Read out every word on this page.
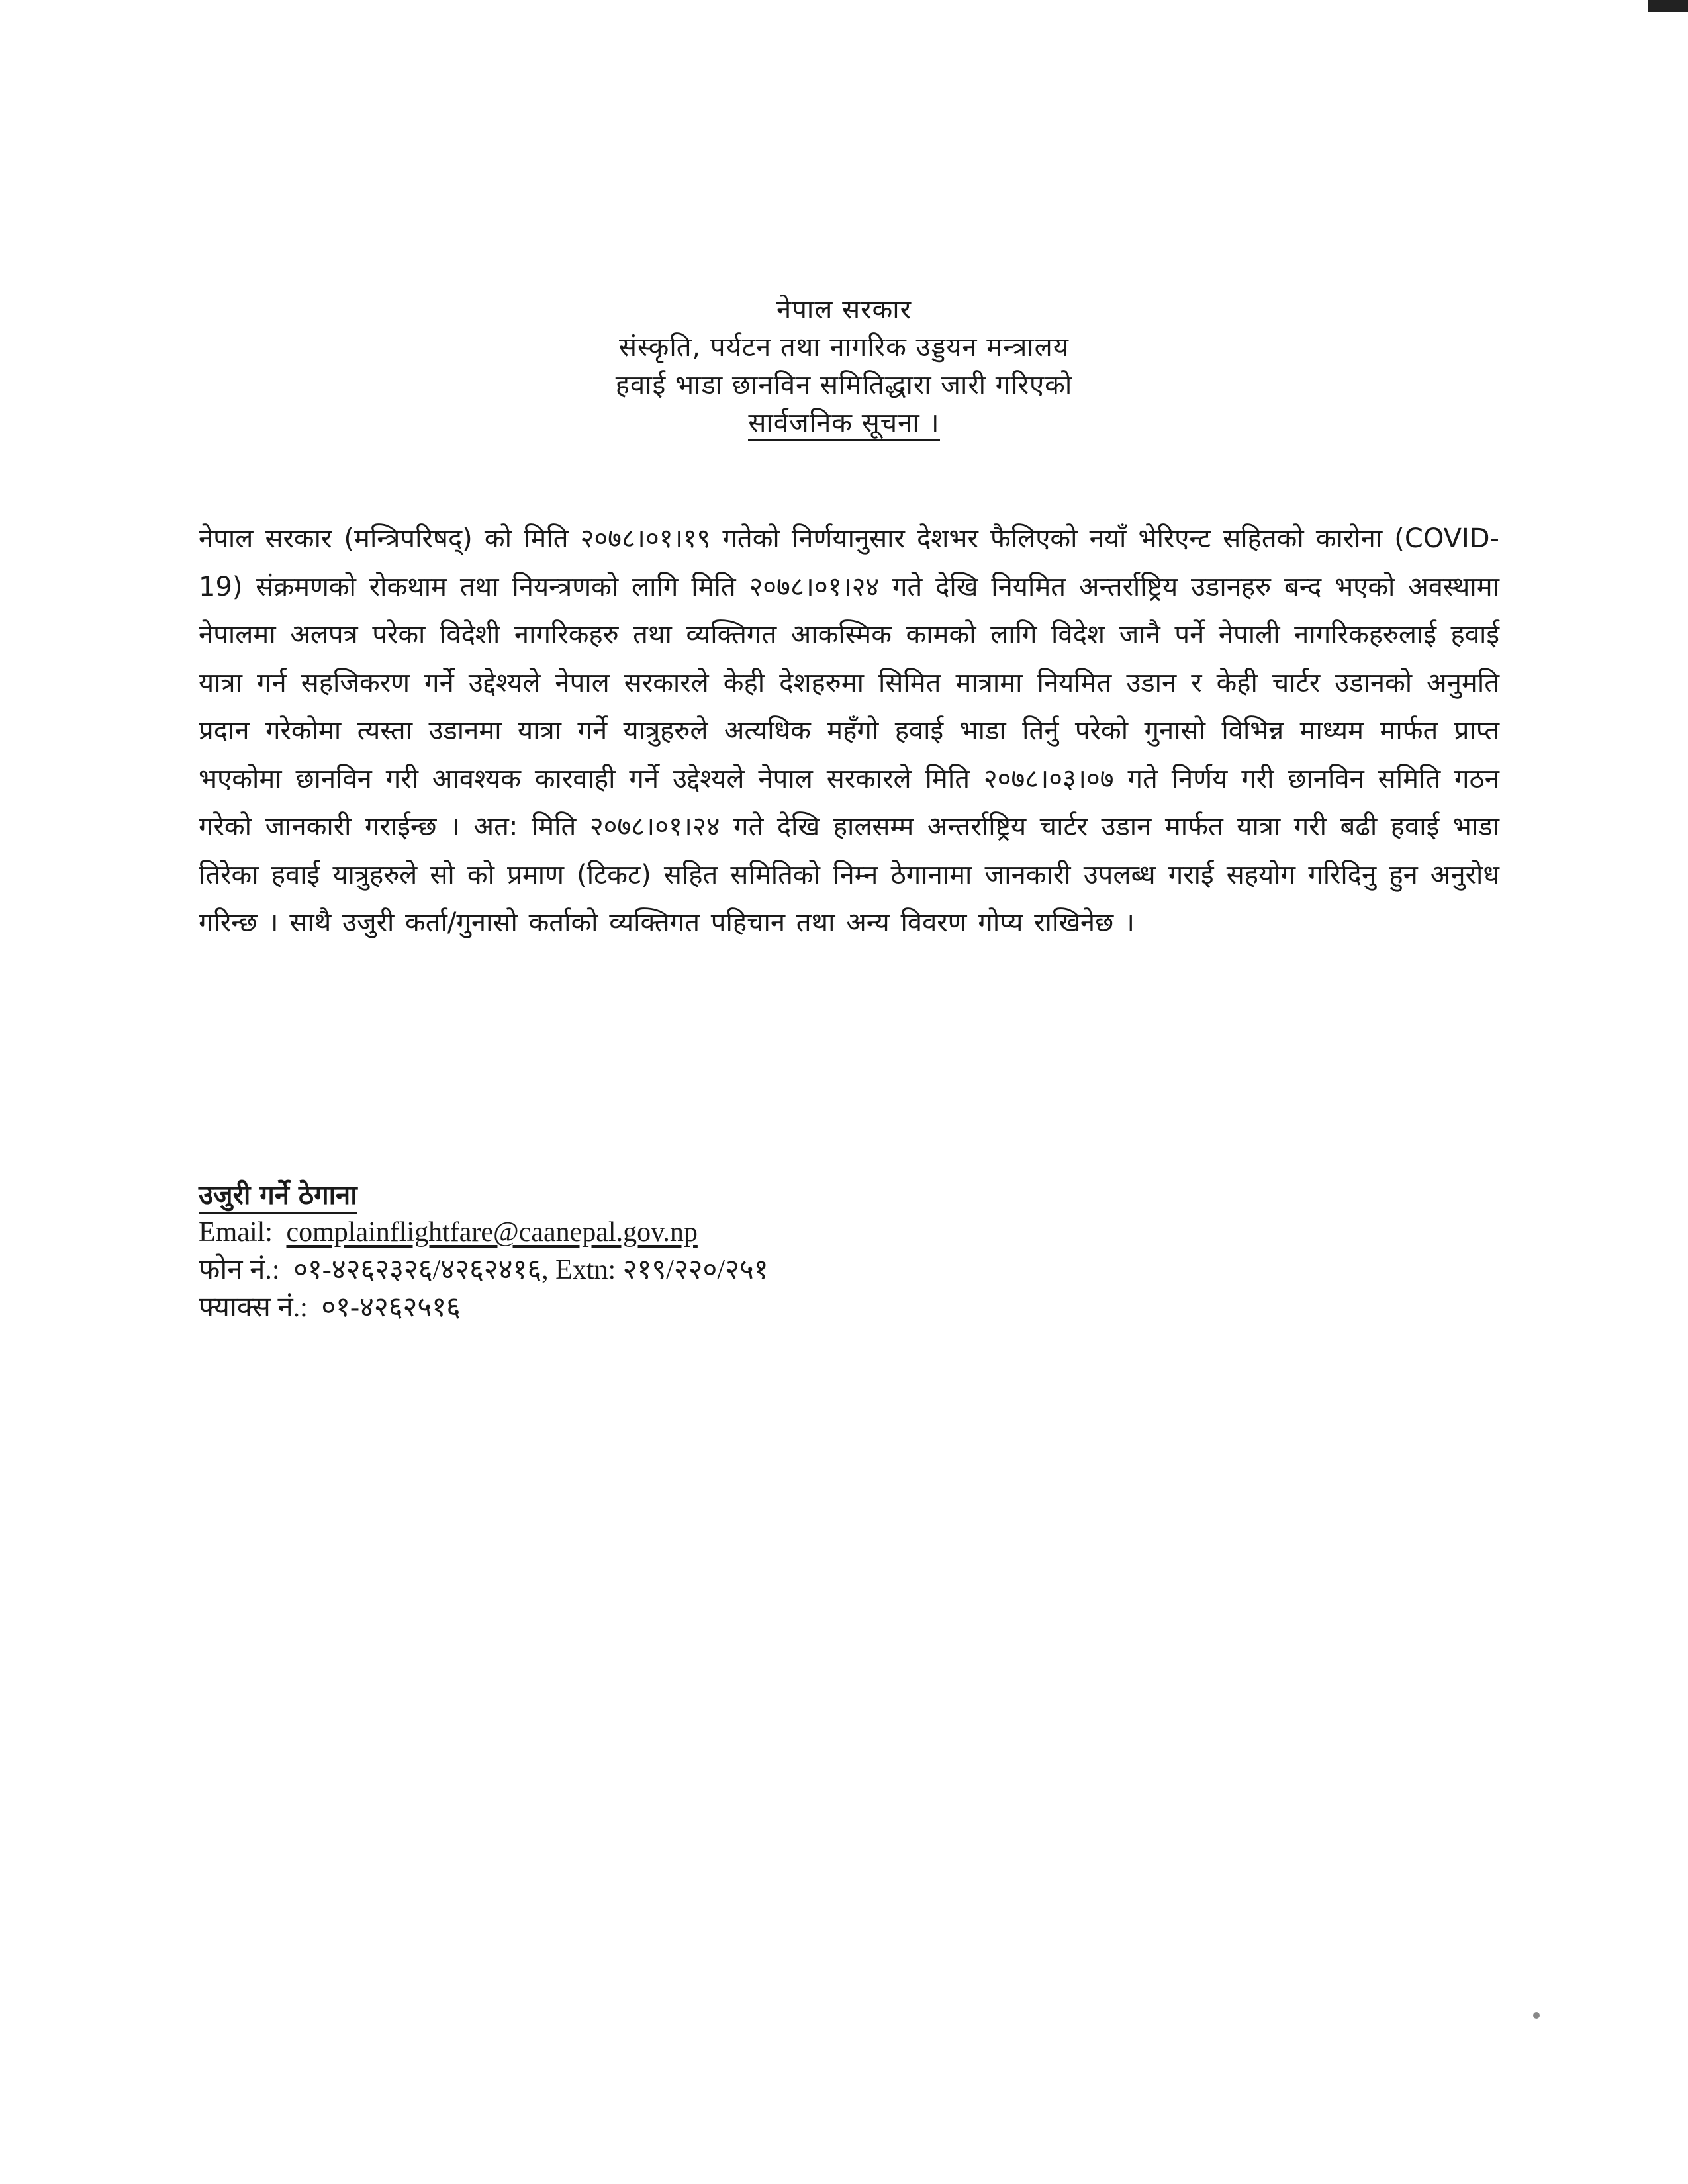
नेपाल सरकार
संस्कृति, पर्यटन तथा नागरिक उड्डयन मन्त्रालय
हवाई भाडा छानविन समितिद्धारा जारी गरिएको
सार्वजनिक सूचना ।
नेपाल सरकार (मन्त्रिपरिषद्) को मिति २०७८।०१।१९ गतेको निर्णयानुसार देशभर फैलिएको नयाँ भेरिएन्ट सहितको कारोना (COVID-19) संक्रमणको रोकथाम तथा नियन्त्रणको लागि मिति २०७८।०१।२४ गते देखि नियमित अन्तर्राष्ट्रिय उडानहरु बन्द भएको अवस्थामा नेपालमा अलपत्र परेका विदेशी नागरिकहरु तथा व्यक्तिगत आकस्मिक कामको लागि विदेश जानै पर्ने नेपाली नागरिकहरुलाई हवाई यात्रा गर्न सहजिकरण गर्ने उद्देश्यले नेपाल सरकारले केही देशहरुमा सिमित मात्रामा नियमित उडान र केही चार्टर उडानको अनुमति प्रदान गरेकोमा त्यस्ता उडानमा यात्रा गर्ने यात्रुहरुले अत्यधिक महँगो हवाई भाडा तिर्नु परेको गुनासो विभिन्न माध्यम मार्फत प्राप्त भएकोमा छानविन गरी आवश्यक कारवाही गर्ने उद्देश्यले नेपाल सरकारले मिति २०७८।०३।०७ गते निर्णय गरी छानविन समिति गठन गरेको जानकारी गराईन्छ । अत: मिति २०७८।०१।२४ गते देखि हालसम्म अन्तर्राष्ट्रिय चार्टर उडान मार्फत यात्रा गरी बढी हवाई भाडा तिरेका हवाई यात्रुहरुले सो को प्रमाण (टिकट) सहित समितिको निम्न ठेगानामा जानकारी उपलब्ध गराई सहयोग गरिदिनु हुन अनुरोध गरिन्छ । साथै उजुरी कर्ता/गुनासो कर्ताको व्यक्तिगत पहिचान तथा अन्य विवरण गोप्य राखिनेछ ।
उजुरी गर्ने ठेगाना
Email: complainflightfare@caanepal.gov.np
फोन नं.: ०१-४२६२३२६/४२६२४१६, Extn: २१९/२२०/२५१
फ्याक्स नं.: ०१-४२६२५१६
